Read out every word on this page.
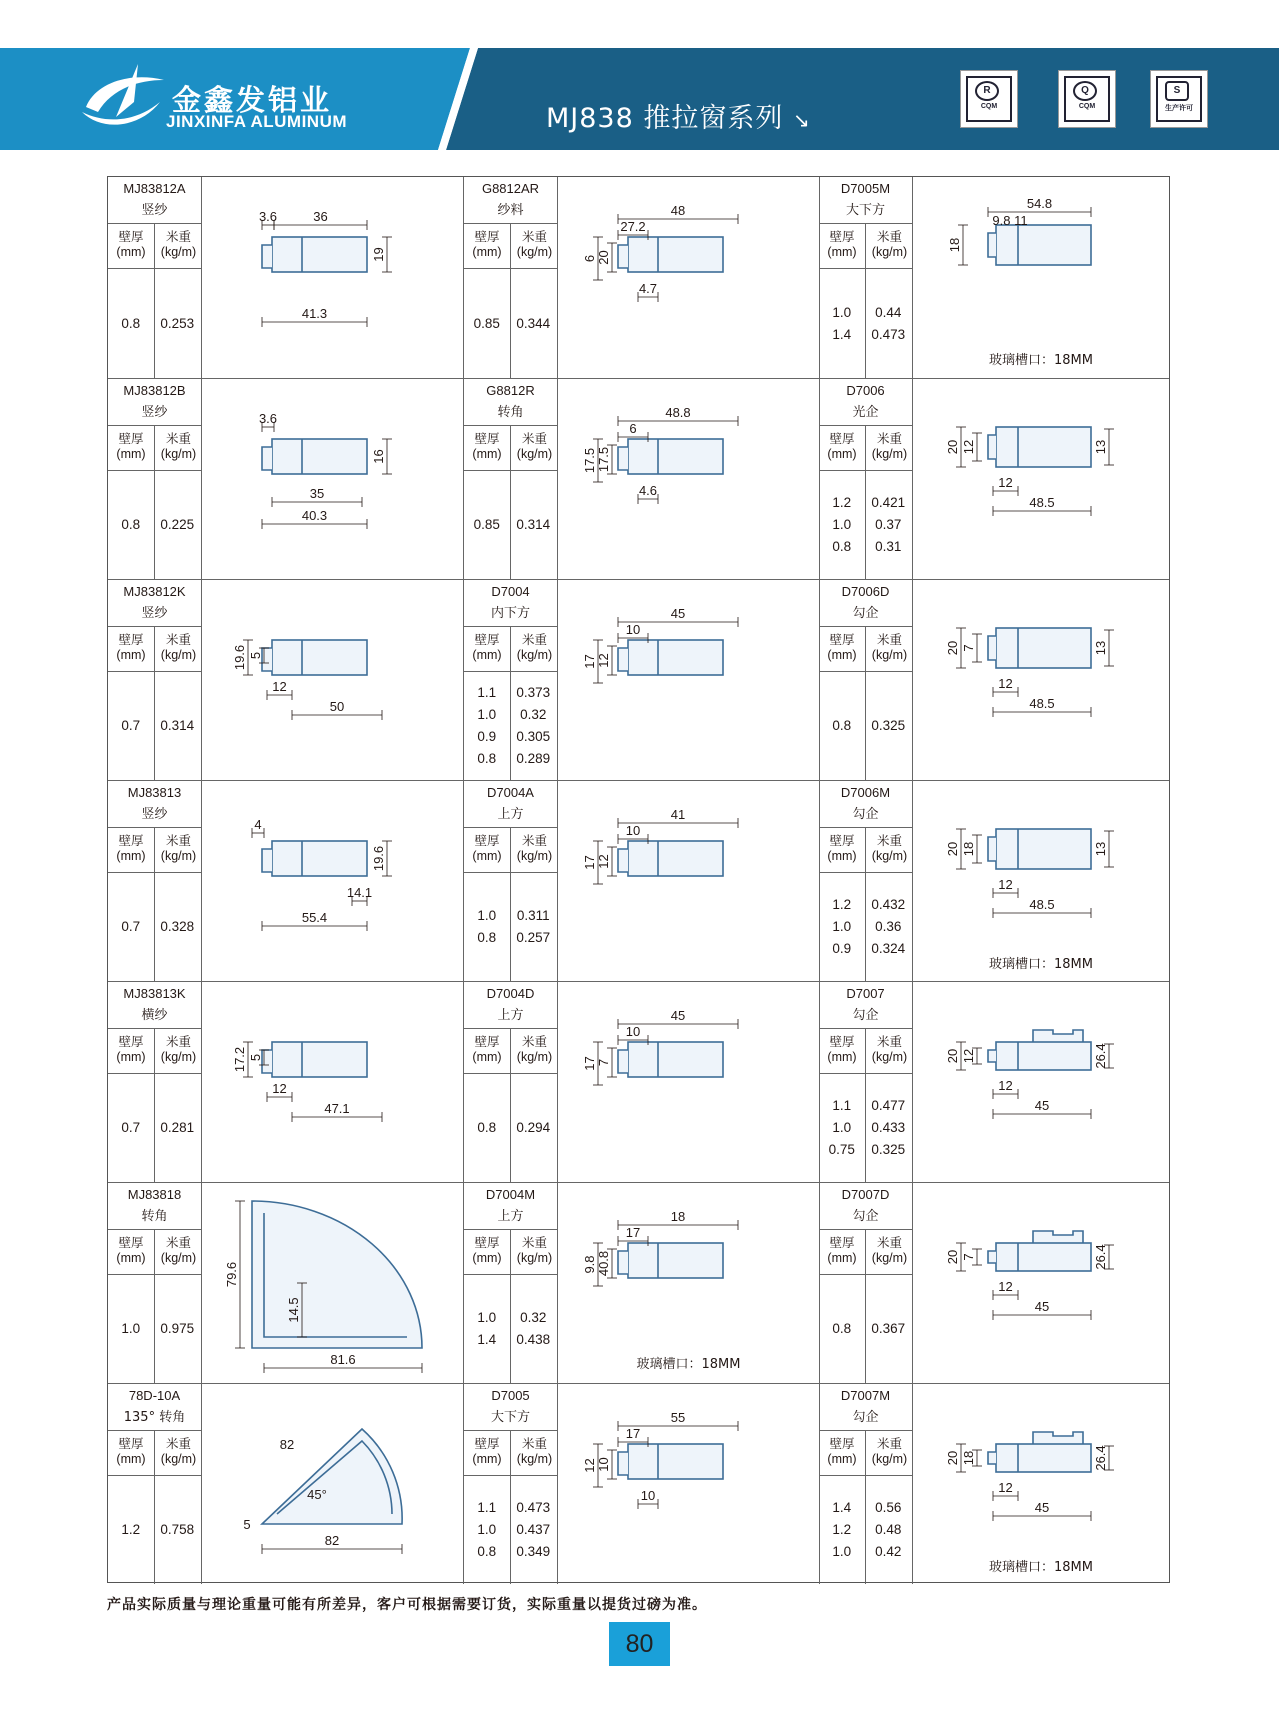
金鑫发铝业
JINXINFA ALUMINUM	MJ838 推拉窗系列 ↘
R
CQM
Q
CQM
S
生产许可
MJ83812A
竖纱
壁厚
(mm)
米重
(kg/m)
0.8	0.253
3.6	36
19
41.3
MJ83812B
竖纱
壁厚
(mm)
米重
(kg/m)
0.8	0.225
3.6
16
35
40.3
MJ83812K
竖纱
壁厚
(mm)
米重
(kg/m)
0.7	0.314
19.6 5
12
50
MJ83813
竖纱
壁厚
(mm)
米重
(kg/m)
0.7	0.328
4
19.6
14.1
55.4
MJ83813K
横纱
壁厚
(mm)
米重
(kg/m)
0.7	0.281
17.2 5
12
47.1
MJ83818
转角
壁厚
(mm)
米重
(kg/m)
1.0	0.975
79.6
14.5
81.6
78D-10A
135° 转角
壁厚
(mm)
米重
(kg/m)
1.2	0.758
82
45°
5
82
G8812AR
纱料
壁厚
(mm)
米重
(kg/m)
0.85	0.344
48
27.2
6 20
4.7
G8812R
转角
壁厚
(mm)
米重
(kg/m)
0.85	0.314
48.8
6
17.5 17.5
4.6
D7004
内下方
壁厚
(mm)
米重
(kg/m)
1.1	0.373
1.0	0.32
0.9	0.305
0.8	0.289
45
10
17 12
D7004A
上方
壁厚
(mm)
米重
(kg/m)
1.0	0.311
0.8	0.257
41
10
17 12
D7004D
上方
壁厚
(mm)
米重
(kg/m)
0.8	0.294
45
10
17 7
D7004M
上方
壁厚
(mm)
米重
(kg/m)
1.0	0.32
1.4	0.438
18
17
9.8 40.8
玻璃槽口：18MM
D7005
大下方
壁厚
(mm)
米重
(kg/m)
1.1	0.473
1.0	0.437
0.8	0.349
55
17
12 10
10
D7005M
大下方
壁厚
(mm)
米重
(kg/m)
1.0	0.44
1.4	0.473
54.8
9.8 11
18
玻璃槽口：18MM
D7006
光企
壁厚
(mm)
米重
(kg/m)
1.2	0.421
1.0	0.37
0.8	0.31
20 12	13
12
48.5
D7006D
勾企
壁厚
(mm)
米重
(kg/m)
0.8	0.325
20 7	13
12
48.5
D7006M
勾企
壁厚
(mm)
米重
(kg/m)
1.2	0.432
1.0	0.36
0.9	0.324
20 18	13
12
48.5
玻璃槽口：18MM
D7007
勾企
壁厚
(mm)
米重
(kg/m)
1.1	0.477
1.0	0.433
0.75	0.325
20 12	26.4
12
45
D7007D
勾企
壁厚
(mm)
米重
(kg/m)
0.8	0.367
20 7	26.4
12
45
D7007M
勾企
壁厚
(mm)
米重
(kg/m)
1.4	0.56
1.2	0.48
1.0	0.42
20 18	26.4
12
45
玻璃槽口：18MM
产品实际质量与理论重量可能有所差异，客户可根据需要订货，实际重量以提货过磅为准。
80
